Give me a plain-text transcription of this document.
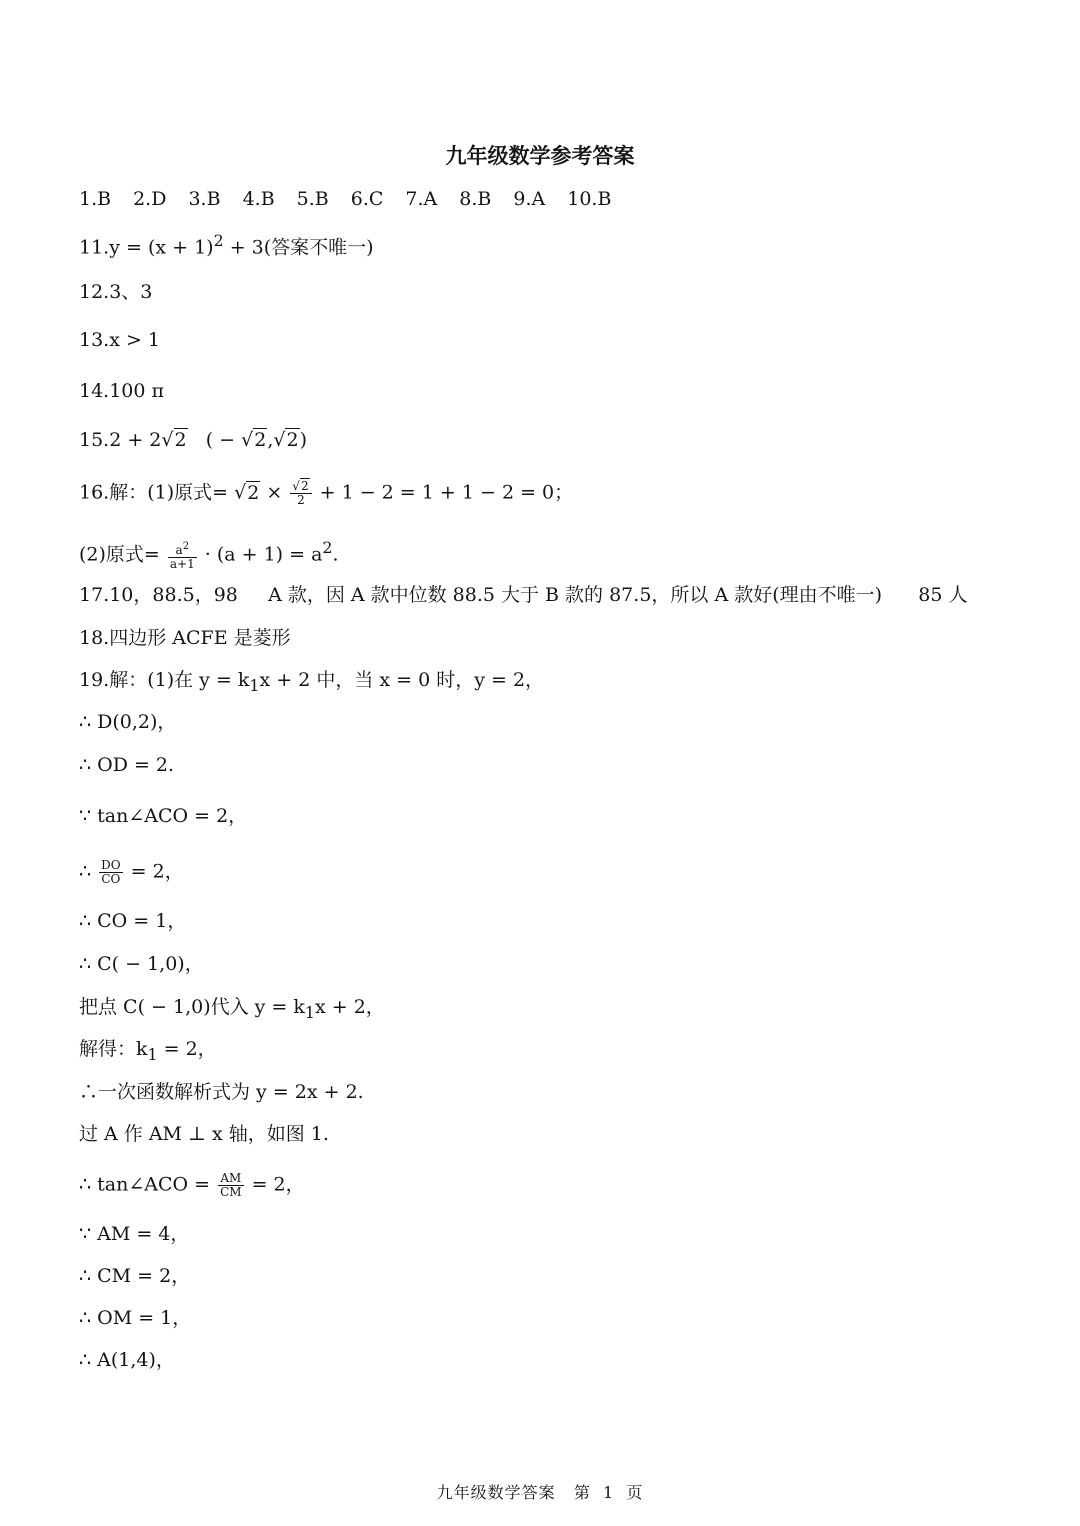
九年级数学参考答案
1.B 2.D 3.B 4.B 5.B 6.C 7.A 8.B 9.A 10.B
$11.y = (x + 1)^2 + 3$(答案不唯一)
12.3、3
13.x > 1
14.100 π
15.2 + 2√2   ( − √2,√2)
16.解：(1)原式= $√2 \times \frac{√2}{2} + 1 - 2 = 1 + 1 - 2 = 0$；
(2)原式= $\frac{a^2}{a+1} \cdot (a + 1) = a^2$.
17.10，88.5，98     A 款，因 A 款中位数 88.5 大于 B 款的 87.5，所以 A 款好(理由不唯一)      85 人
18.四边形 ACFE 是菱形
19.解：(1)在 $y = k_1x + 2$ 中，当 x = 0 时，y = 2，
∴ D(0,2)，
∴ OD = 2.
∵ tan∠ACO = 2，
∴ $\frac{DO}{CO} = 2$，
∴ CO = 1，
∴ C( − 1,0)，
把点 C( − 1,0)代入 $y = k_1x + 2$，
解得：$k_1 = 2$，
∴一次函数解析式为 y = 2x + 2.
过 A 作 AM ⊥ x 轴，如图 1.
∴ tan∠ACO = $\frac{AM}{CM} = 2$，
∵ AM = 4，
∴ CM = 2，
∴ OM = 1，
∴ A(1,4)，
九年级数学答案   第  1  页
